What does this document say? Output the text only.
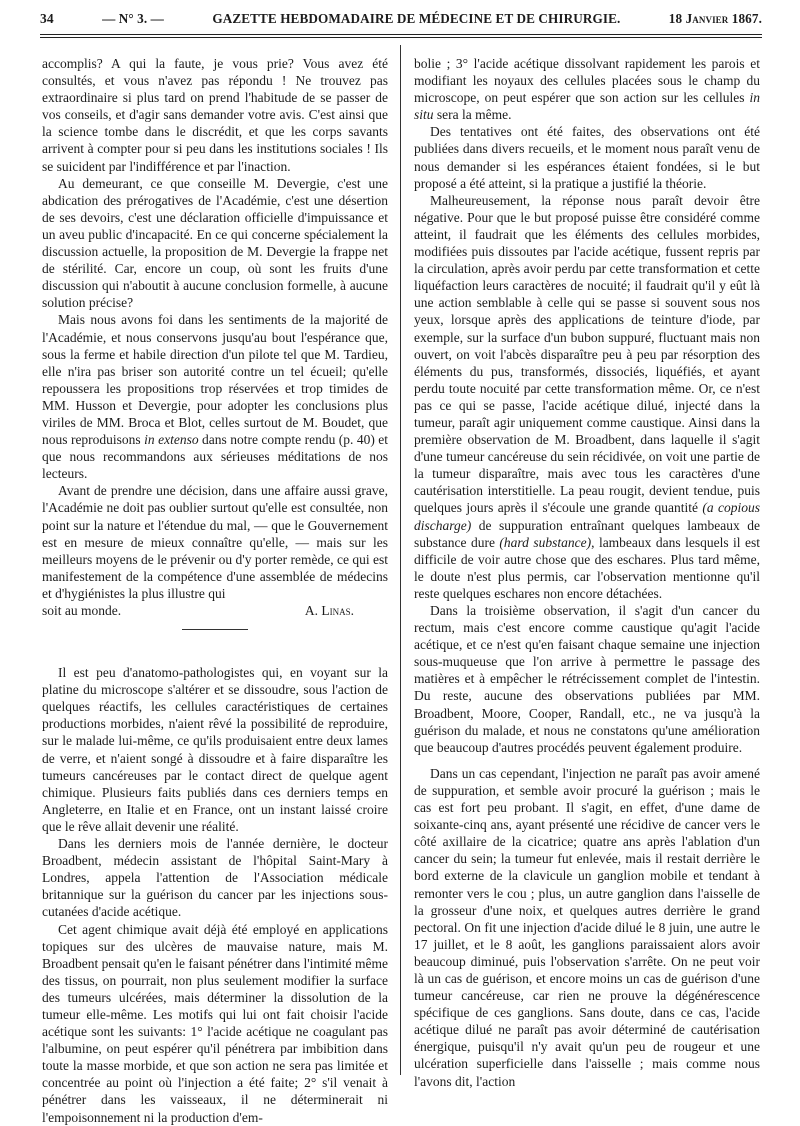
34	— N° 3. —	GAZETTE HEBDOMADAIRE DE MÉDECINE ET DE CHIRURGIE.	18 Janvier 1867.

accomplis? A qui la faute, je vous prie? Vous avez été consultés, et vous n'avez pas répondu ! Ne trouvez pas extraordinaire si plus tard on prend l'habitude de se passer de vos conseils, et d'agir sans demander votre avis. C'est ainsi que la science tombe dans le discrédit, et que les corps savants arrivent à compter pour si peu dans les institutions sociales ! Ils se suicident par l'indifférence et par l'inaction.

Au demeurant, ce que conseille M. Devergie, c'est une abdication des prérogatives de l'Académie, c'est une désertion de ses devoirs, c'est une déclaration officielle d'impuissance et un aveu public d'incapacité. En ce qui concerne spécialement la discussion actuelle, la proposition de M. Devergie la frappe net de stérilité. Car, encore un coup, où sont les fruits d'une discussion qui n'aboutit à aucune conclusion formelle, à aucune solution précise?

Mais nous avons foi dans les sentiments de la majorité de l'Académie, et nous conservons jusqu'au bout l'espérance que, sous la ferme et habile direction d'un pilote tel que M. Tardieu, elle n'ira pas briser son autorité contre un tel écueil; qu'elle repoussera les propositions trop réservées et trop timides de MM. Husson et Devergie, pour adopter les conclusions plus viriles de MM. Broca et Blot, celles surtout de M. Boudet, que nous reproduisons in extenso dans notre compte rendu (p. 40) et que nous recommandons aux sérieuses méditations de nos lecteurs.

Avant de prendre une décision, dans une affaire aussi grave, l'Académie ne doit pas oublier surtout qu'elle est consultée, non point sur la nature et l'étendue du mal, — que le Gouvernement est en mesure de mieux connaître qu'elle, — mais sur les meilleurs moyens de le prévenir ou d'y porter remède, ce qui est manifestement de la compétence d'une assemblée de médecins et d'hygiénistes la plus illustre qui

soit au monde.	A. Linas.

Il est peu d'anatomo-pathologistes qui, en voyant sur la platine du microscope s'altérer et se dissoudre, sous l'action de quelques réactifs, les cellules caractéristiques de certaines productions morbides, n'aient rêvé la possibilité de reproduire, sur le malade lui-même, ce qu'ils produisaient entre deux lames de verre, et n'aient songé à dissoudre et à faire disparaître les tumeurs cancéreuses par le contact direct de quelque agent chimique. Plusieurs faits publiés dans ces derniers temps en Angleterre, en Italie et en France, ont un instant laissé croire que le rêve allait devenir une réalité.

Dans les derniers mois de l'année dernière, le docteur Broadbent, médecin assistant de l'hôpital Saint-Mary à Londres, appela l'attention de l'Association médicale britannique sur la guérison du cancer par les injections sous-cutanées d'acide acétique.

Cet agent chimique avait déjà été employé en applications topiques sur des ulcères de mauvaise nature, mais M. Broadbent pensait qu'en le faisant pénétrer dans l'intimité même des tissus, on pourrait, non plus seulement modifier la surface des tumeurs ulcérées, mais déterminer la dissolution de la tumeur elle-même. Les motifs qui lui ont fait choisir l'acide acétique sont les suivants: 1° l'acide acétique ne coagulant pas l'albumine, on peut espérer qu'il pénétrera par imbibition dans toute la masse morbide, et que son action ne sera pas limitée et concentrée au point où l'injection a été faite; 2° s'il venait à pénétrer dans les vaisseaux, il ne déterminerait ni l'empoisonnement ni la production d'em-

bolie ; 3° l'acide acétique dissolvant rapidement les parois et modifiant les noyaux des cellules placées sous le champ du microscope, on peut espérer que son action sur les cellules in situ sera la même.

Des tentatives ont été faites, des observations ont été publiées dans divers recueils, et le moment nous paraît venu de nous demander si les espérances étaient fondées, si le but proposé a été atteint, si la pratique a justifié la théorie.

Malheureusement, la réponse nous paraît devoir être négative. Pour que le but proposé puisse être considéré comme atteint, il faudrait que les éléments des cellules morbides, modifiées puis dissoutes par l'acide acétique, fussent repris par la circulation, après avoir perdu par cette transformation et cette liquéfaction leurs caractères de nocuité; il faudrait qu'il y eût là une action semblable à celle qui se passe si souvent sous nos yeux, lorsque après des applications de teinture d'iode, par exemple, sur la surface d'un bubon suppuré, fluctuant mais non ouvert, on voit l'abcès disparaître peu à peu par résorption des éléments du pus, transformés, dissociés, liquéfiés, et ayant perdu toute nocuité par cette transformation même. Or, ce n'est pas ce qui se passe, l'acide acétique dilué, injecté dans la tumeur, paraît agir uniquement comme caustique. Ainsi dans la première observation de M. Broadbent, dans laquelle il s'agit d'une tumeur cancéreuse du sein récidivée, on voit une partie de la tumeur disparaître, mais avec tous les caractères d'une cautérisation interstitielle. La peau rougit, devient tendue, puis quelques jours après il s'écoule une grande quantité (a copious discharge) de suppuration entraînant quelques lambeaux de substance dure (hard substance), lambeaux dans lesquels il est difficile de voir autre chose que des eschares. Plus tard même, le doute n'est plus permis, car l'observation mentionne qu'il reste quelques eschares non encore détachées.

Dans la troisième observation, il s'agit d'un cancer du rectum, mais c'est encore comme caustique qu'agit l'acide acétique, et ce n'est qu'en faisant chaque semaine une injection sous-muqueuse que l'on arrive à permettre le passage des matières et à empêcher le rétrécissement complet de l'intestin. Du reste, aucune des observations publiées par MM. Broadbent, Moore, Cooper, Randall, etc., ne va jusqu'à la guérison du malade, et nous ne constatons qu'une amélioration que beaucoup d'autres procédés peuvent également produire.

Dans un cas cependant, l'injection ne paraît pas avoir amené de suppuration, et semble avoir procuré la guérison ; mais le cas est fort peu probant. Il s'agit, en effet, d'une dame de soixante-cinq ans, ayant présenté une récidive de cancer vers le côté axillaire de la cicatrice; quatre ans après l'ablation d'un cancer du sein; la tumeur fut enlevée, mais il restait derrière le bord externe de la clavicule un ganglion mobile et tendant à remonter vers le cou ; plus, un autre ganglion dans l'aisselle de la grosseur d'une noix, et quelques autres derrière le grand pectoral. On fit une injection d'acide dilué le 8 juin, une autre le 17 juillet, et le 8 août, les ganglions paraissaient alors avoir beaucoup diminué, puis l'observation s'arrête. On ne peut voir là un cas de guérison, et encore moins un cas de guérison d'une tumeur cancéreuse, car rien ne prouve la dégénérescence spécifique de ces ganglions. Sans doute, dans ce cas, l'acide acétique dilué ne paraît pas avoir déterminé de cautérisation énergique, puisqu'il n'y avait qu'un peu de rougeur et une ulcération superficielle dans l'aisselle ; mais comme nous l'avons dit, l'action
